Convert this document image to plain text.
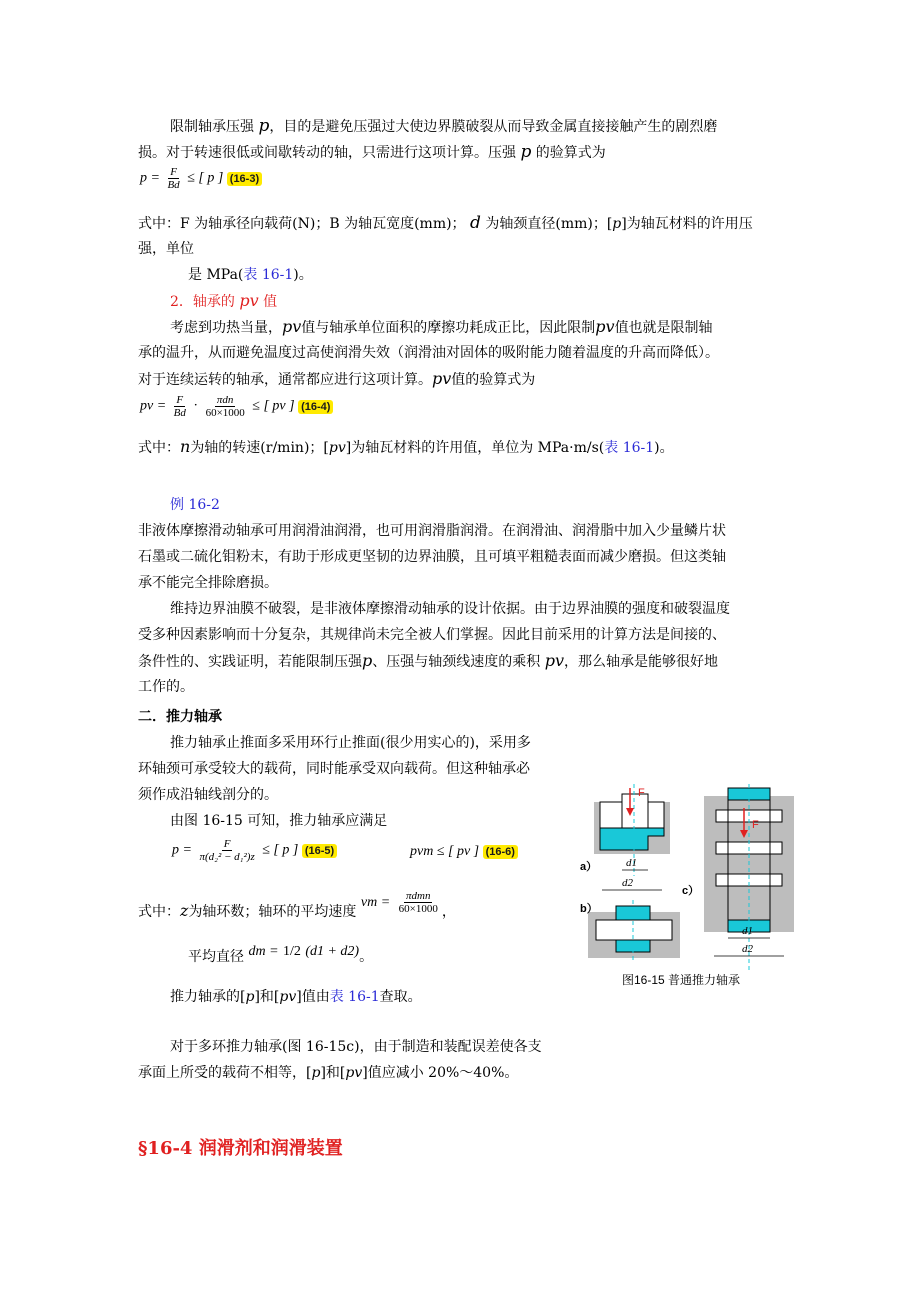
限制轴承压强 p，目的是避免压强过大使边界膜破裂从而导致金属直接接触产生的剧烈磨
损。对于转速很低或间歇转动的轴，只需进行这项计算。压强 p 的验算式为
$p = \frac{F}{Bd}$ ≤ [ p ] (16-3)
式中：F 为轴承径向载荷(N)；B 为轴瓦宽度(mm)； d 为轴颈直径(mm)；[p]为轴瓦材料的许用压
强，单位
是 MPa(表 16-1)。
2．轴承的 pv 值
考虑到功热当量，pv值与轴承单位面积的摩擦功耗成正比，因此限制pv值也就是限制轴
承的温升，从而避免温度过高使润滑失效（润滑油对固体的吸附能力随着温度的升高而降低）。
对于连续运转的轴承，通常都应进行这项计算。pv值的验算式为
pv = $\frac{F}{Bd} \cdot \frac{\text{πdn}}{60\times 1000}$ ≤ [ pv ] (16-4)
式中：n为轴的转速(r/min)；[pv]为轴瓦材料的许用值，单位为 MPa·m/s(表 16-1)。
例 16-2
非液体摩擦滑动轴承可用润滑油润滑，也可用润滑脂润滑。在润滑油、润滑脂中加入少量鳞片状
石墨或二硫化钼粉末，有助于形成更坚韧的边界油膜，且可填平粗糙表面而减少磨损。但这类轴
承不能完全排除磨损。
维持边界油膜不破裂，是非液体摩擦滑动轴承的设计依据。由于边界油膜的强度和破裂温度
受多种因素影响而十分复杂，其规律尚未完全被人们掌握。因此目前采用的计算方法是间接的、
条件性的、实践证明，若能限制压强p、压强与轴颈线速度的乘积 pv，那么轴承是能够很好地
工作的。
二．推力轴承
推力轴承止推面多采用环行止推面(很少用实心的)，采用多
环轴颈可承受较大的载荷，同时能承受双向载荷。但这种轴承必
须作成沿轴线剖分的。
由图 16-15 可知，推力轴承应满足
$p = \frac{F}{\text{π(d₂² − d₁²)z}}$ ≤ [ p ] (16-5)	pvm ≤ [ pv ] (16-6)
式中：z为轴环数；轴环的平均速度 vm = $\frac{\text{πdmn}}{60\times 1000}$ ，
平均直径 dm = 1/2 (d1 + d2)。
推力轴承的[p]和[pv]值由表 16-1查取。
对于多环推力轴承(图 16-15c)，由于制造和装配误差使各支
承面上所受的载荷不相等，[p]和[pv]值应减小 20%～40%。
§16-4 润滑剂和润滑装置
F
d1
d2
a）
b）
F
d1
d2
c）
图16-15 普通推力轴承
